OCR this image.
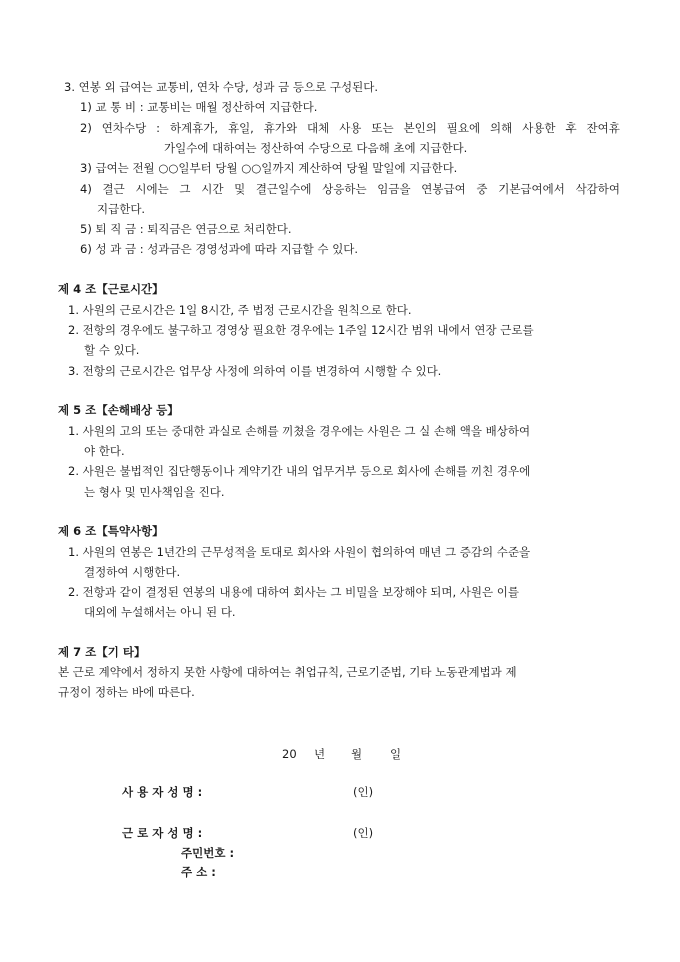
3. 연봉 외 급여는 교통비, 연차 수당, 성과 금 등으로 구성된다.
1) 교 통 비 : 교통비는 매월 정산하여 지급한다.
2) 연차수당 : 하계휴가, 휴일, 휴가와 대체 사용 또는 본인의 필요에 의해 사용한 후 잔여휴
가일수에 대하여는 정산하여 수당으로 다음해 초에 지급한다.
3) 급여는 전월 ○○일부터 당월 ○○일까지 계산하여 당월 말일에 지급한다.
4) 결근 시에는 그 시간 및 결근일수에 상응하는 임금을 연봉급여 중 기본급여에서 삭감하여
지급한다.
5) 퇴 직 금 : 퇴직금은 연금으로 처리한다.
6) 성 과 금 : 성과금은 경영성과에 따라 지급할 수 있다.
제 4 조【근로시간】
1. 사원의 근로시간은 1일 8시간, 주 법정 근로시간을 원칙으로 한다.
2. 전항의 경우에도 불구하고 경영상 필요한 경우에는 1주일 12시간 범위 내에서 연장 근로를
할 수 있다.
3. 전항의 근로시간은 업무상 사정에 의하여 이를 변경하여 시행할 수 있다.
제 5 조【손해배상 등】
1. 사원의 고의 또는 중대한 과실로 손해를 끼쳤을 경우에는 사원은 그 실 손해 액을 배상하여
야 한다.
2. 사원은 불법적인 집단행동이나 계약기간 내의 업무거부 등으로 회사에 손해를 끼친 경우에
는 형사 및 민사책임을 진다.
제 6 조【특약사항】
1. 사원의 연봉은 1년간의 근무성적을 토대로 회사와 사원이 협의하여 매년 그 증감의 수준을
결정하여 시행한다.
2. 전항과 같이 결정된 연봉의 내용에 대하여 회사는 그 비밀을 보장해야 되며, 사원은 이를
대외에 누설해서는 아니 된 다.
제 7 조【기 타】
본 근로 계약에서 정하지 못한 사항에 대하여는 취업규칙, 근로기준법, 기타 노동관계법과 제
규정이 정하는 바에 따른다.
20 년 월 일
사 용 자 성 명 :	(인)
근 로 자 성 명 :	(인)
주민번호 :
주 소 :
